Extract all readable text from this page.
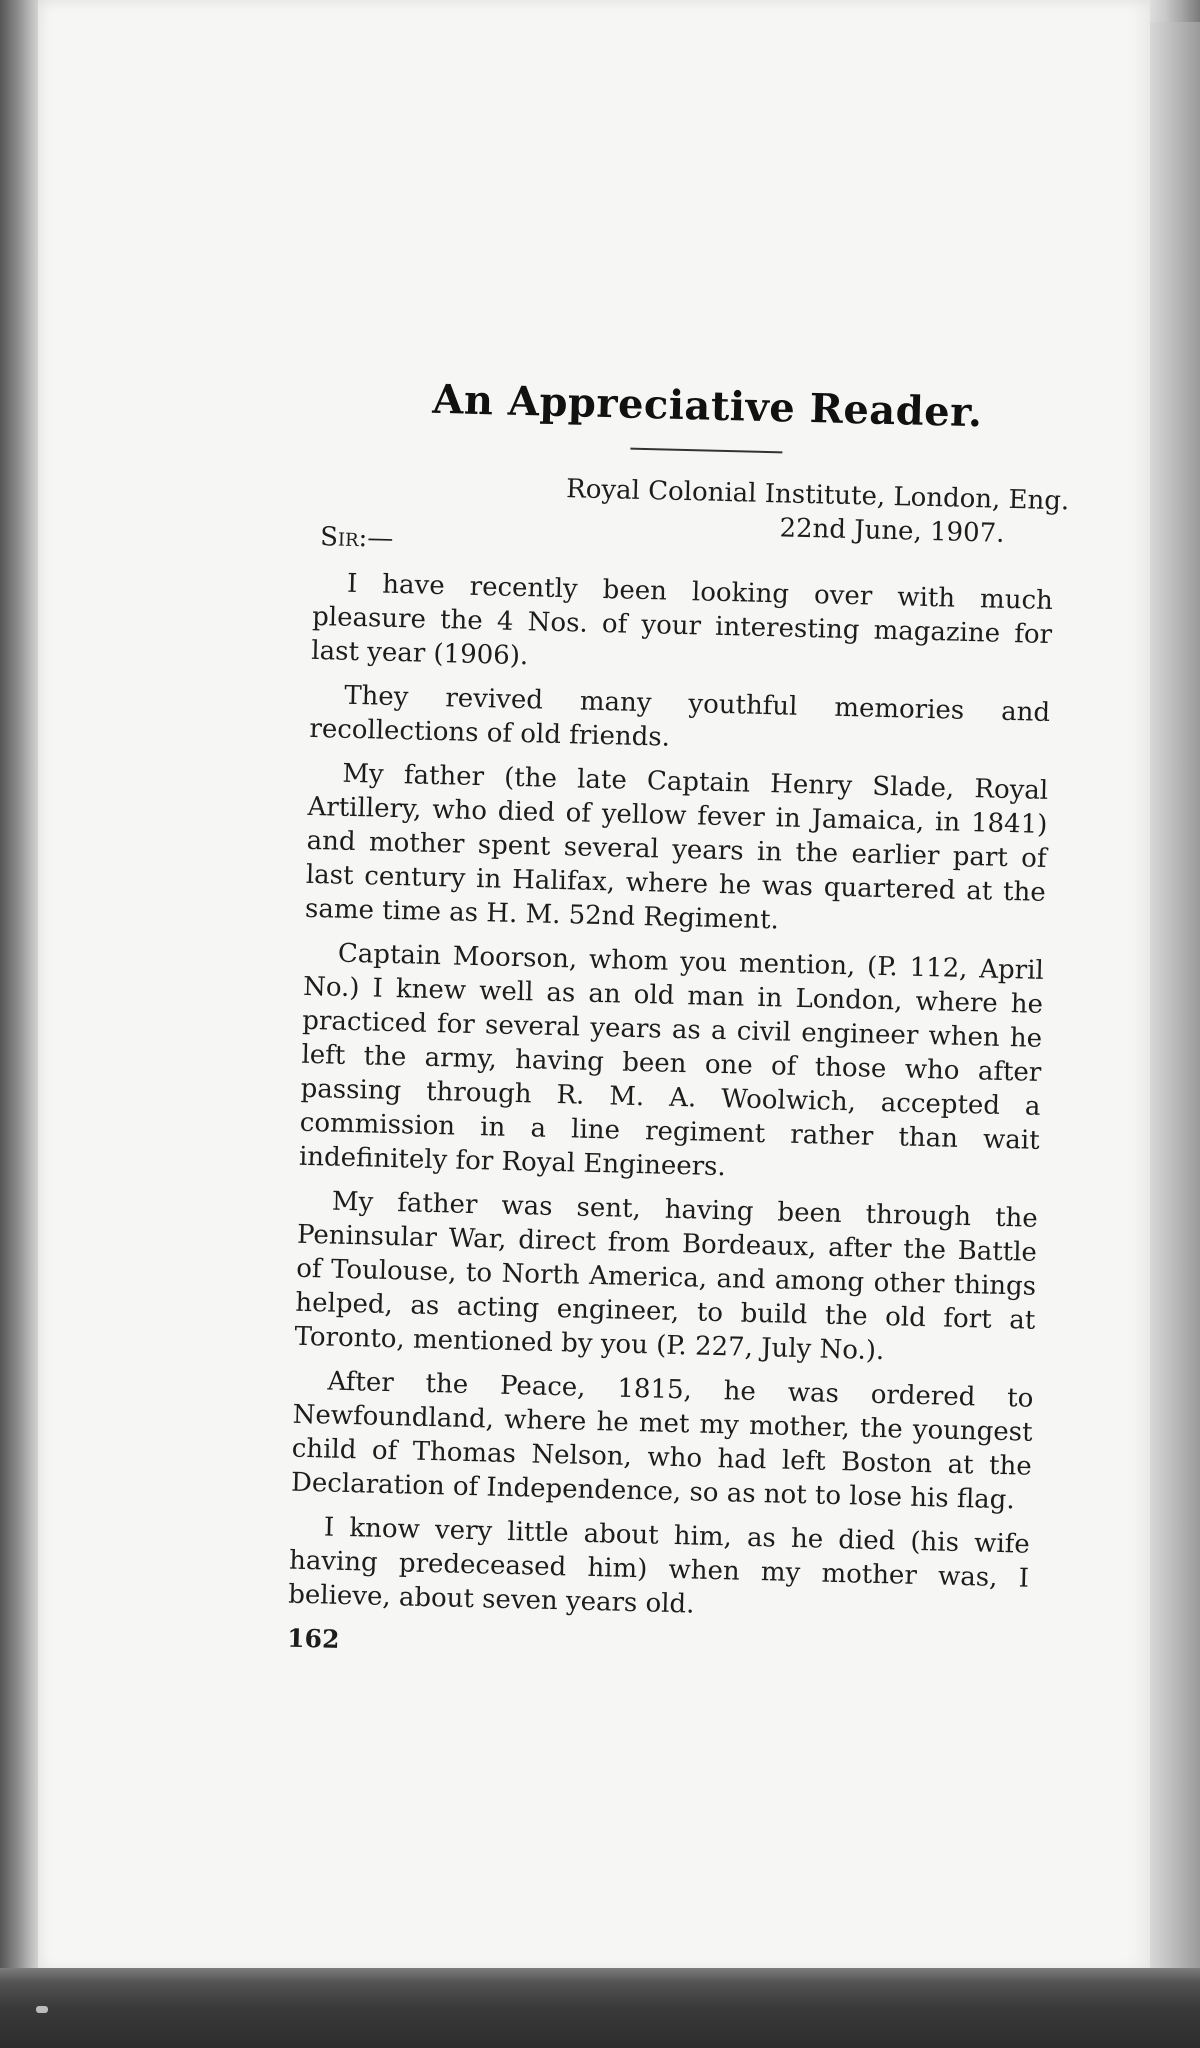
An Appreciative Reader.
Royal Colonial Institute, London, Eng.
22nd June, 1907.
Sir:—

I have recently been looking over with much pleasure the 4 Nos. of your interesting magazine for last year (1906).

They revived many youthful memories and recollections of old friends.

My father (the late Captain Henry Slade, Royal Artillery, who died of yellow fever in Jamaica, in 1841) and mother spent several years in the earlier part of last century in Halifax, where he was quartered at the same time as H. M. 52nd Regiment.

Captain Moorson, whom you mention, (P. 112, April No.) I knew well as an old man in London, where he practiced for several years as a civil engineer when he left the army, having been one of those who after passing through R. M. A. Woolwich, accepted a commission in a line regiment rather than wait indefinitely for Royal Engineers.

My father was sent, having been through the Peninsular War, direct from Bordeaux, after the Battle of Toulouse, to North America, and among other things helped, as acting engineer, to build the old fort at Toronto, mentioned by you (P. 227, July No.).

After the Peace, 1815, he was ordered to Newfoundland, where he met my mother, the youngest child of Thomas Nelson, who had left Boston at the Declaration of Independence, so as not to lose his flag.

I know very little about him, as he died (his wife having predeceased him) when my mother was, I believe, about seven years old.

162
